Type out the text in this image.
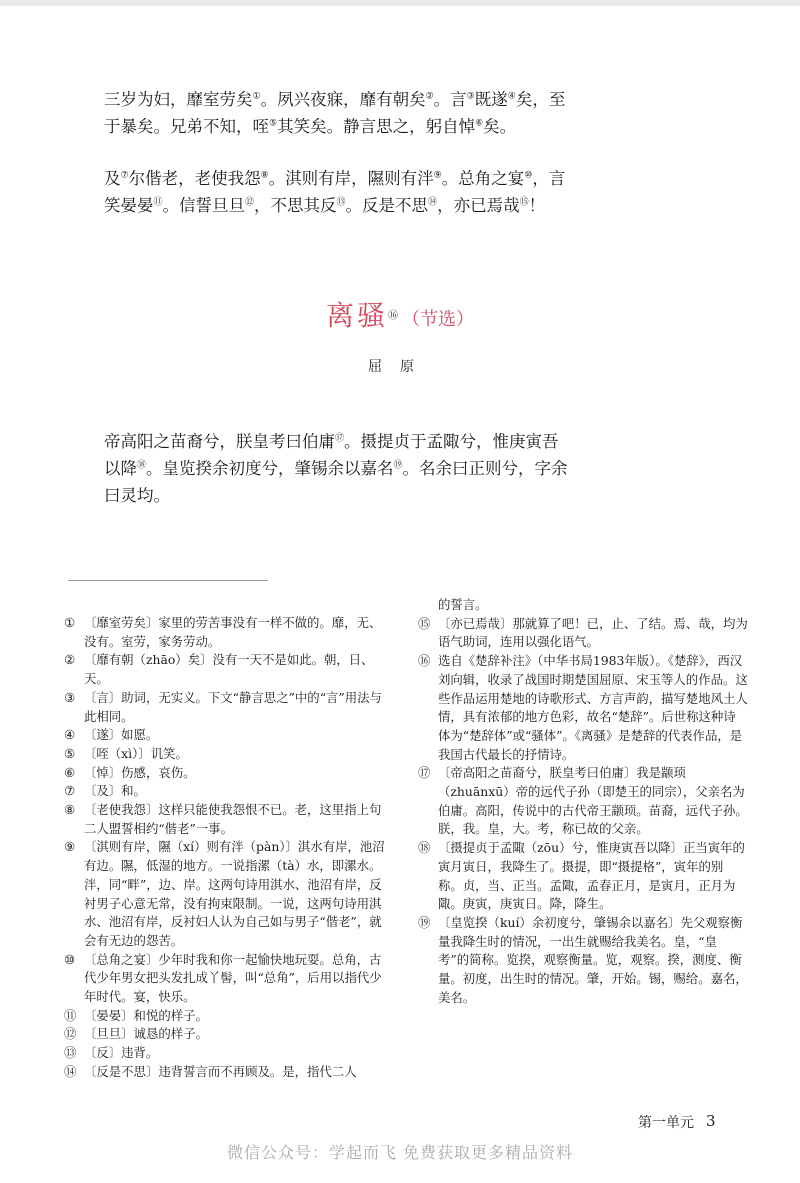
三岁为妇，靡室劳矣①。夙兴夜寐，靡有朝矣②。言③既遂④矣，至于暴矣。兄弟不知，咥⑤其笑矣。静言思之，躬自悼⑥矣。

及⑦尔偕老，老使我怨⑧。淇则有岸，隰则有泮⑨。总角之宴⑩，言笑晏晏⑪。信誓旦旦⑫，不思其反⑬。反是不思⑭，亦已焉哉⑮！

离骚⑯ （节选）
屈原

帝高阳之苗裔兮，朕皇考曰伯庸⑰。摄提贞于孟陬兮，惟庚寅吾以降⑱。皇览揆余初度兮，肇锡余以嘉名⑲。名余曰正则兮，字余曰灵均。

① 〔靡室劳矣〕家里的劳苦事没有一样不做的。靡，无、没有。室劳，家务劳动。

② 〔靡有朝（zhāo）矣〕没有一天不是如此。朝，日、天。

③ 〔言〕助词，无实义。下文“静言思之”中的“言”用法与此相同。

④ 〔遂〕如愿。

⑤ 〔咥（xì）〕讥笑。

⑥ 〔悼〕伤感，哀伤。

⑦ 〔及〕和。

⑧ 〔老使我怨〕这样只能使我怨恨不已。老，这里指上句二人盟誓相约“偕老”一事。

⑨ 〔淇则有岸，隰（xí）则有泮（pàn）〕淇水有岸，池沼有边。隰，低湿的地方。一说指漯（tà）水，即漯水。泮，同“畔”，边、岸。这两句诗用淇水、池沼有岸，反衬男子心意无常，没有拘束限制。一说，这两句诗用淇水、池沼有岸，反衬妇人认为自己如与男子“偕老”，就会有无边的怨苦。

⑩ 〔总角之宴〕少年时我和你一起愉快地玩耍。总角，古代少年男女把头发扎成丫髻，叫“总角”，后用以指代少年时代。宴，快乐。

⑪ 〔晏晏〕和悦的样子。

⑫ 〔旦旦〕诚恳的样子。

⑬ 〔反〕违背。

⑭ 〔反是不思〕违背誓言而不再顾及。是，指代二人

的誓言。

⑮ 〔亦已焉哉〕那就算了吧！已，止、了结。焉、哉，均为语气助词，连用以强化语气。

⑯ 选自《楚辞补注》（中华书局1983年版）。《楚辞》，西汉刘向辑，收录了战国时期楚国屈原、宋玉等人的作品。这些作品运用楚地的诗歌形式、方言声韵，描写楚地风土人情，具有浓郁的地方色彩，故名“楚辞”。后世称这种诗体为“楚辞体”或“骚体”。《离骚》是楚辞的代表作品，是我国古代最长的抒情诗。

⑰ 〔帝高阳之苗裔兮，朕皇考曰伯庸〕我是颛顼（zhuānxū）帝的远代子孙（即楚王的同宗），父亲名为伯庸。高阳，传说中的古代帝王颛顼。苗裔，远代子孙。朕，我。皇，大。考，称已故的父亲。

⑱ 〔摄提贞于孟陬（zōu）兮，惟庚寅吾以降〕正当寅年的寅月寅日，我降生了。摄提，即“摄提格”，寅年的别称。贞，当、正当。孟陬，孟春正月，是寅月，正月为陬。庚寅，庚寅日。降，降生。

⑲ 〔皇览揆（kuí）余初度兮，肇锡余以嘉名〕先父观察衡量我降生时的情况，一出生就赐给我美名。皇，“皇考”的简称。览揆，观察衡量。览，观察。揆，测度、衡量。初度，出生时的情况。肇，开始。锡，赐给。嘉名，美名。

第一单元 3
微信公众号：学起而飞 免费获取更多精品资料
